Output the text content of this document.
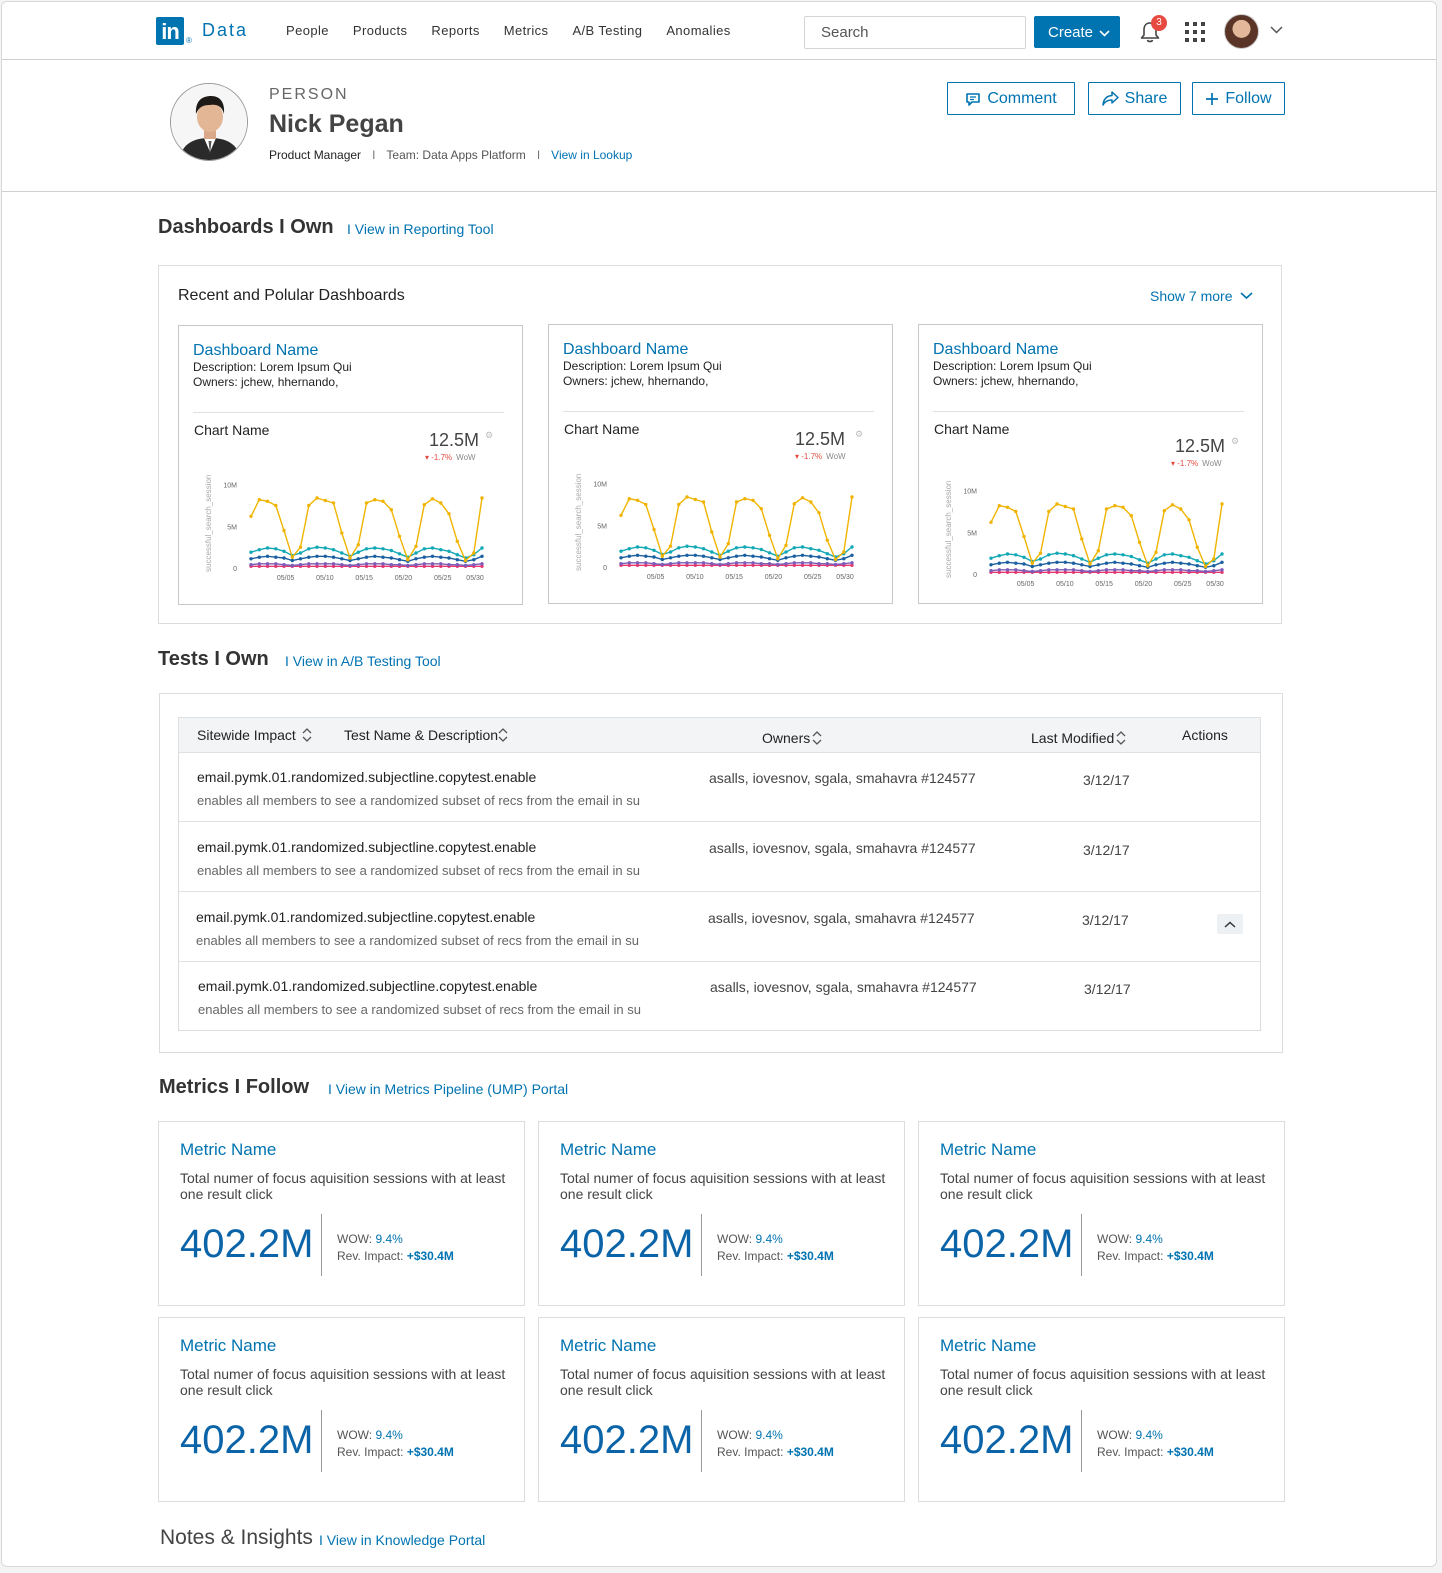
in ®
Data	People Products Reports Metrics A/B Testing Anomalies
Search	Create
3
PERSON
Nick Pegan
Product Manager I Team: Data Apps Platform I View in Lookup
Comment	Share	Follow
Dashboards I Own I View in Reporting Tool
Recent and Polular Dashboards	Show 7 more
Dashboard Name
Description: Lorem Ipsum Qui
Owners: jchew, hhernando,
Chart Name	12.5M ⚙
▾ -1.7% WoW
successful_search_session 10M
5M
0
05/05	05/10	05/15	05/20	05/25 05/30
Dashboard Name
Description: Lorem Ipsum Qui
Owners: jchew, hhernando,
Chart Name	12.5M ⚙
▾ -1.7% WoW
successful_search_session 10M
5M
0
05/05	05/10	05/15	05/20	05/25 05/30
Dashboard Name
Description: Lorem Ipsum Qui
Owners: jchew, hhernando,
Chart Name
12.5M ⚙
▾ -1.7% WoW
successful_search_session 10M
5M
0
05/05	05/10	05/15	05/20	05/25 05/30
Tests I Own I View in A/B Testing Tool
Sitewide Impact	Test Name & Description	Owners	Last Modified	Actions
email.pymk.01.randomized.subjectline.copytest.enable
enables all members to see a randomized subset of recs from the email in su
asalls, iovesnov, sgala, smahavra #124577	3/12/17
email.pymk.01.randomized.subjectline.copytest.enable
enables all members to see a randomized subset of recs from the email in su
asalls, iovesnov, sgala, smahavra #124577	3/12/17
email.pymk.01.randomized.subjectline.copytest.enable
enables all members to see a randomized subset of recs from the email in su
asalls, iovesnov, sgala, smahavra #124577	3/12/17
email.pymk.01.randomized.subjectline.copytest.enable
enables all members to see a randomized subset of recs from the email in su
asalls, iovesnov, sgala, smahavra #124577	3/12/17
Metrics I Follow I View in Metrics Pipeline (UMP) Portal
Metric Name
Total numer of focus aquisition sessions with at least one result click
402.2M WOW: 9.4%
Rev. Impact: +$30.4M
Metric Name
Total numer of focus aquisition sessions with at least one result click
402.2M WOW: 9.4%
Rev. Impact: +$30.4M
Metric Name
Total numer of focus aquisition sessions with at least one result click
402.2M WOW: 9.4%
Rev. Impact: +$30.4M
Metric Name
Total numer of focus aquisition sessions with at least one result click
402.2M WOW: 9.4%
Rev. Impact: +$30.4M
Metric Name
Total numer of focus aquisition sessions with at least one result click
402.2M WOW: 9.4%
Rev. Impact: +$30.4M
Metric Name
Total numer of focus aquisition sessions with at least one result click
402.2M WOW: 9.4%
Rev. Impact: +$30.4M
Notes & Insights I View in Knowledge Portal
